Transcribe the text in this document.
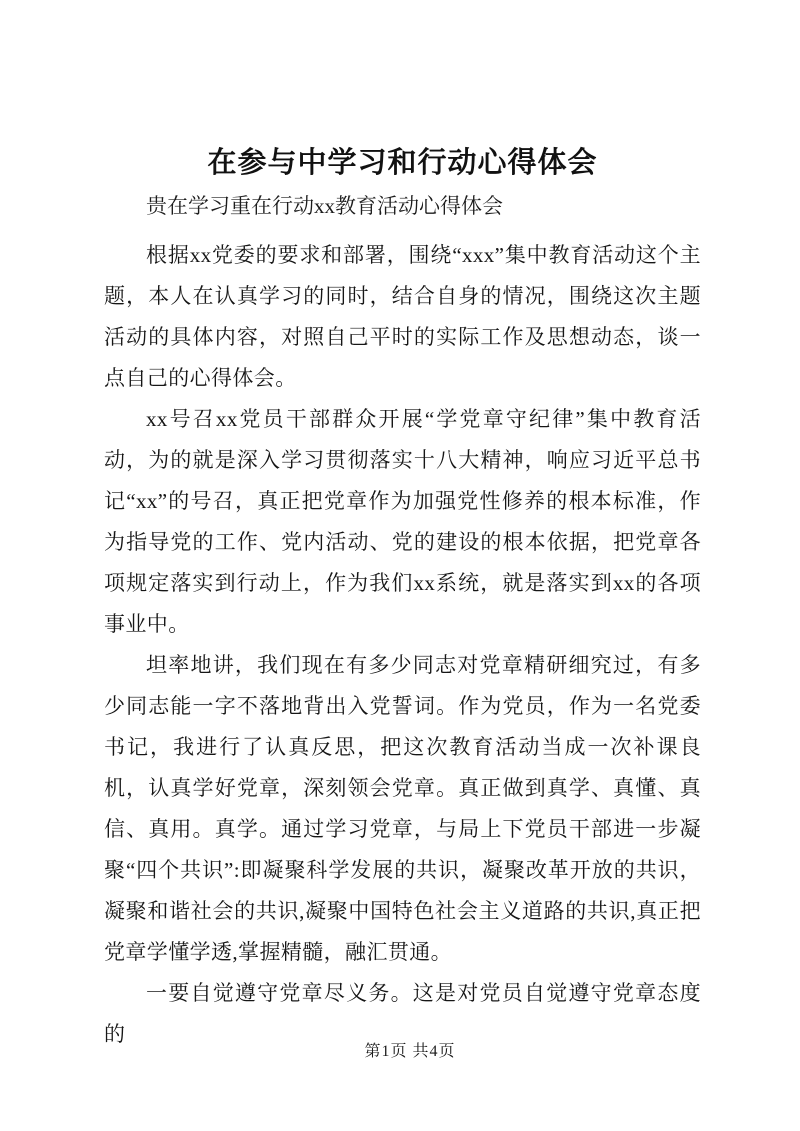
在参与中学习和行动心得体会

贵在学习重在行动xx教育活动心得体会

根据xx党委的要求和部署，围绕“xxx”集中教育活动这个主题，本人在认真学习的同时，结合自身的情况，围绕这次主题活动的具体内容，对照自己平时的实际工作及思想动态，谈一点自己的心得体会。

xx号召xx党员干部群众开展“学党章守纪律”集中教育活动，为的就是深入学习贯彻落实十八大精神，响应习近平总书记“xx”的号召，真正把党章作为加强党性修养的根本标准，作为指导党的工作、党内活动、党的建设的根本依据，把党章各项规定落实到行动上，作为我们xx系统，就是落实到xx的各项事业中。

坦率地讲，我们现在有多少同志对党章精研细究过，有多少同志能一字不落地背出入党誓词。作为党员，作为一名党委书记，我进行了认真反思，把这次教育活动当成一次补课良机，认真学好党章，深刻领会党章。真正做到真学、真懂、真信、真用。真学。通过学习党章，与局上下党员干部进一步凝聚“四个共识”:即凝聚科学发展的共识，凝聚改革开放的共识，凝聚和谐社会的共识,凝聚中国特色社会主义道路的共识,真正把党章学懂学透,掌握精髓，融汇贯通。

一要自觉遵守党章尽义务。这是对党员自觉遵守党章态度的

第1页 共4页
